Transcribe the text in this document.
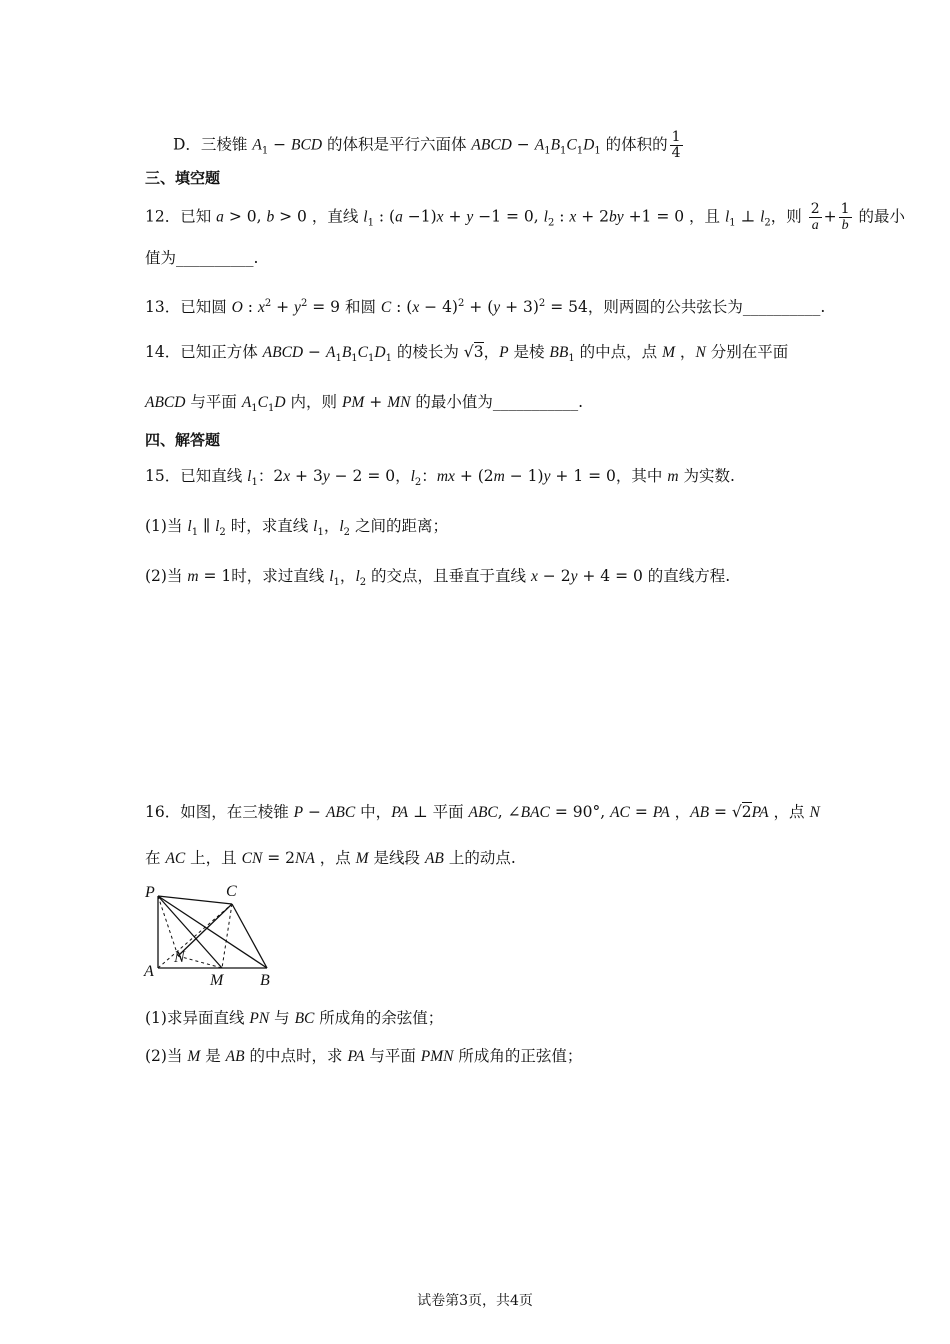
D．三棱锥 $A_1$ − BCD 的体积是平行六面体 ABCD − $A_1B_1C_1D_1$ 的体积的 $\frac{1}{4}$
三、填空题
12．已知 a > 0, b > 0 ，直线 $l_1$ : (a −1)x + y −1 = 0, $l_2$ : x + 2by +1 = 0 ，且 $l_1$ ⊥ $l_2$，则 $\frac{2}{a} + \frac{1}{b}$ 的最小
值为__________.
13．已知圆 O : $x^2 + y^2 = 9$ 和圆 C : $(x - 4)^2 + (y + 3)^2 = 54$，则两圆的公共弦长为__________.
14．已知正方体 ABCD − $A_1B_1C_1D_1$ 的棱长为 √3，P 是棱 $BB_1$ 的中点，点 M ，N 分别在平面
ABCD 与平面 $A_1C_1D$ 内，则 PM + MN 的最小值为___________.
四、解答题
15．已知直线 $l_1$：2x + 3y − 2 = 0，$l_2$：mx + (2m − 1)y + 1 = 0，其中 m 为实数.
(1)当 $l_1$ ∥ $l_2$ 时，求直线 $l_1$，$l_2$ 之间的距离；
(2)当 m = 1时，求过直线 $l_1$，$l_2$ 的交点，且垂直于直线 x − 2y + 4 = 0 的直线方程.
16．如图，在三棱锥 P − ABC 中，PA ⊥ 平面 ABC, ∠BAC = 90°, AC = PA ，AB = √2PA ，点 N
在 AC 上，且 CN = 2NA ，点 M 是线段 AB 上的动点.
P	C
A
N
M B
(1)求异面直线 PN 与 BC 所成角的余弦值；
(2)当 M 是 AB 的中点时，求 PA 与平面 PMN 所成角的正弦值；
试卷第3页，共4页
